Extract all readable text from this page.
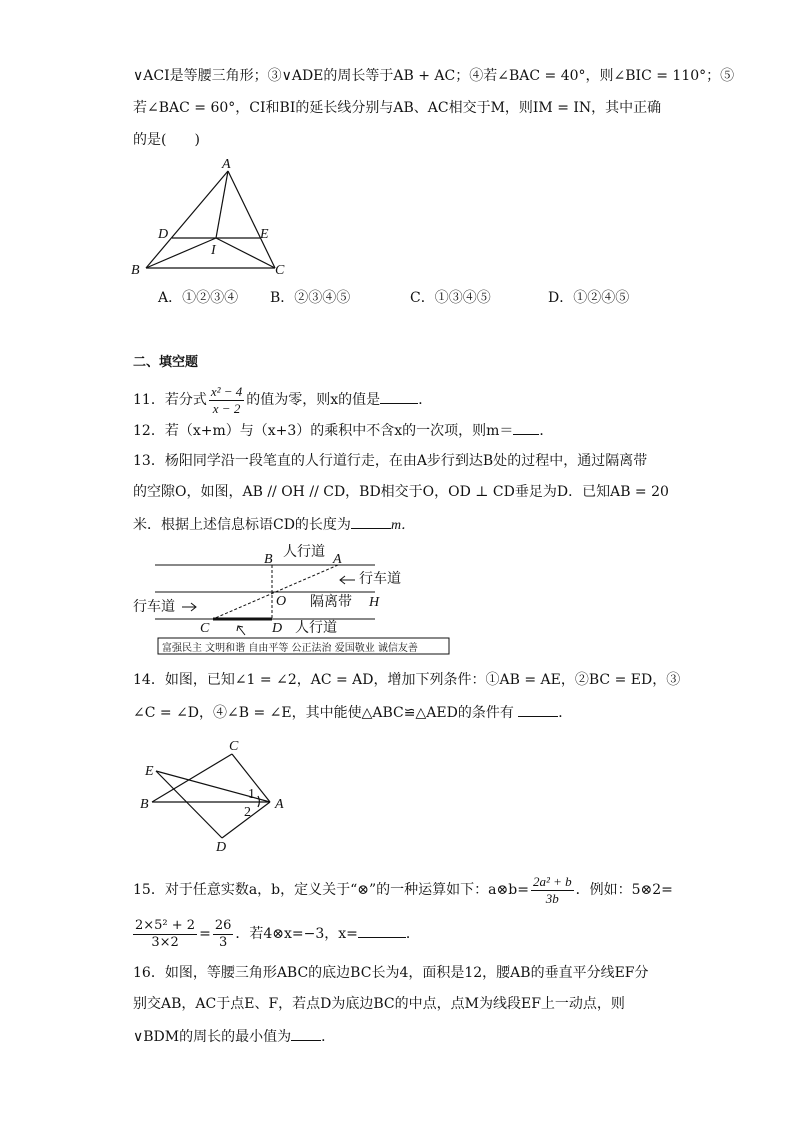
∨ACI是等腰三角形；③∨ADE的周长等于AB + AC；④若∠BAC = 40°，则∠BIC = 110°；⑤
若∠BAC = 60°，CI和BI的延长线分别与AB、AC相交于M，则IM = IN，其中正确
的是(　　)
A
D	E
I
B	C
A．①②③④ B．②③④⑤	C．①③④⑤	D．①②④⑤
二、填空题
11．若分式 $\frac{\text{x² − 4}}{x - 2}$ 的值为零，则x的值是	．
12．若（x+m）与（x+3）的乘积中不含x的一次项，则m＝ ．
13．杨阳同学沿一段笔直的人行道行走，在由A步行到达B处的过程中，通过隔离带
的空隙O，如图，AB // OH // CD，BD相交于O，OD ⊥ CD垂足为D．已知AB = 20
米．根据上述信息标语CD的长度为	m．
人行道
B	A
行车道
行车道	O 隔离带 H
C	D 人行道
富强民主 文明和谐 自由平等 公正法治 爱国敬业 诚信友善
14．如图，已知∠1 = ∠2，AC = AD，增加下列条件：①AB = AE，②BC = ED，③
∠C = ∠D，④∠B = ∠E，其中能使△ABC≌△AED的条件有	．
C
E
B	A
1
2
D
15．对于任意实数a，b，定义关于“⊗”的一种运算如下：a⊗b= $\frac{\text{2a² + b}}{3b}$ ．例如：5⊗2=
$\frac{\text{2×5² + 2}}{3\times 2} = \frac{26}{3}$ ．若4⊗x=−3，x=	．
16．如图，等腰三角形ABC的底边BC长为4，面积是12，腰AB的垂直平分线EF分
别交AB，AC于点E、F，若点D为底边BC的中点，点M为线段EF上一动点，则
∨BDM的周长的最小值为 ．
